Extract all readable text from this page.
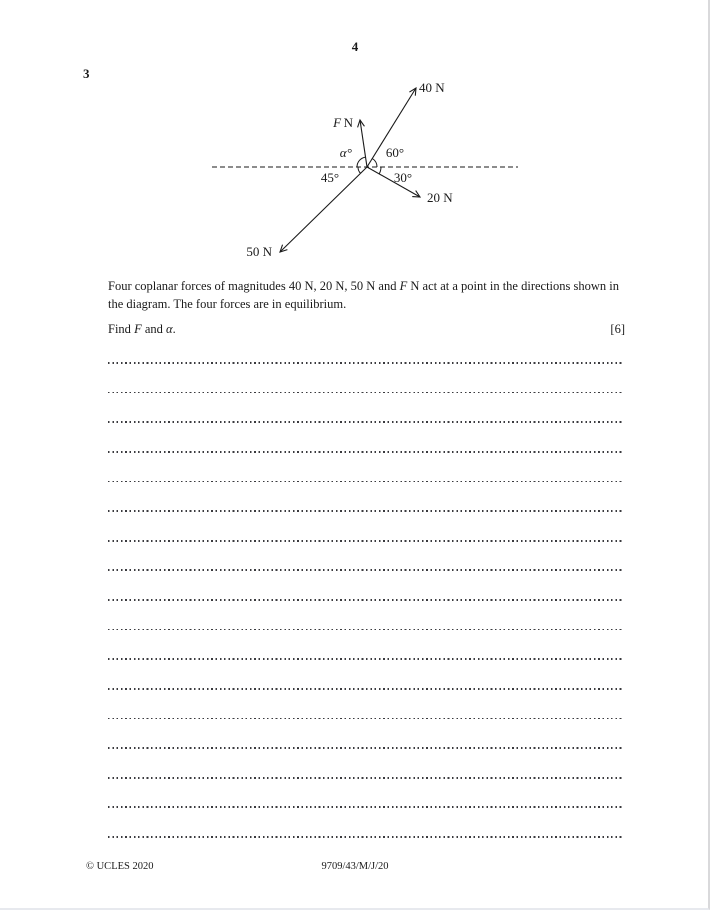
4
3
40 N
F N
α°	60°
45°	30°
20 N
50 N
Four coplanar forces of magnitudes 40 N, 20 N, 50 N and F N act at a point in the directions shown in
the diagram. The four forces are in equilibrium.
Find F and α.	[6]
© UCLES 2020	9709/43/M/J/20
